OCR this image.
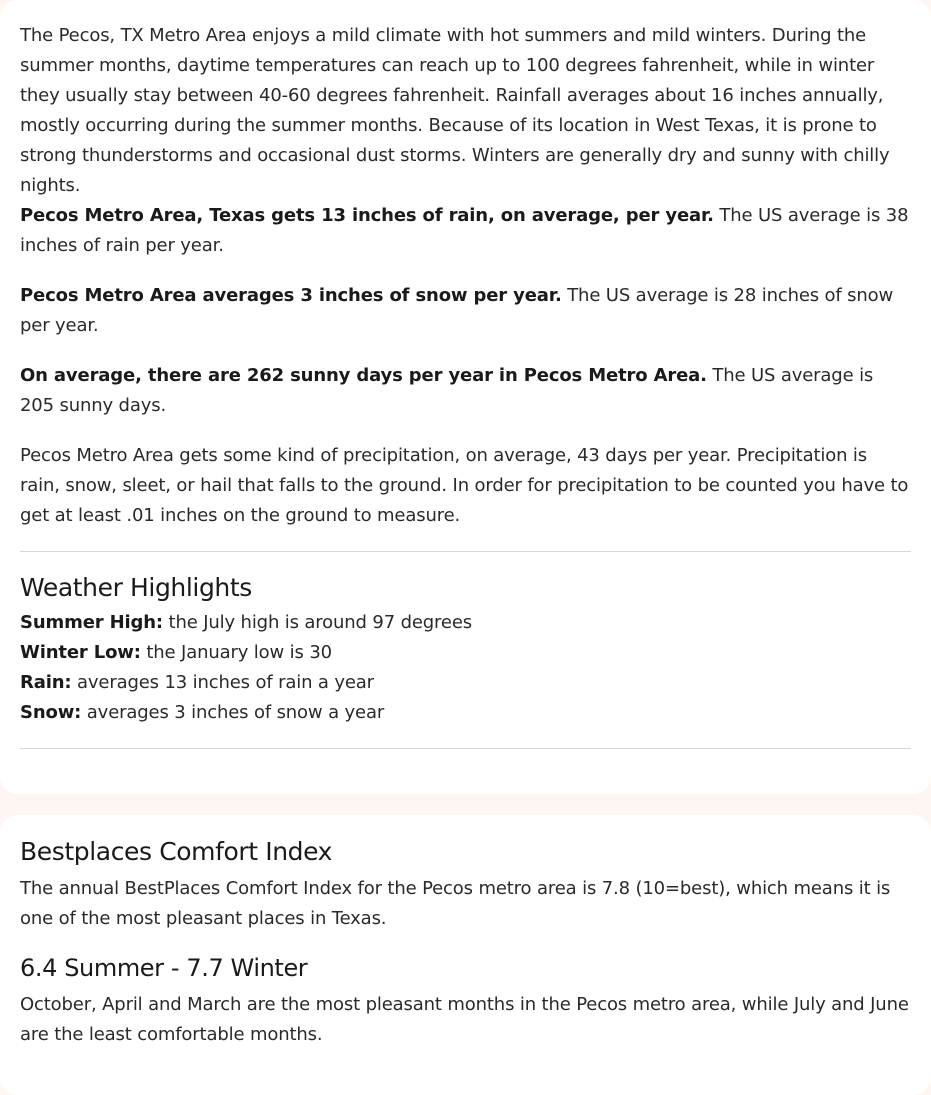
The Pecos, TX Metro Area enjoys a mild climate with hot summers and mild winters. During the summer months, daytime temperatures can reach up to 100 degrees fahrenheit, while in winter they usually stay between 40-60 degrees fahrenheit. Rainfall averages about 16 inches annually, mostly occurring during the summer months. Because of its location in West Texas, it is prone to strong thunderstorms and occasional dust storms. Winters are generally dry and sunny with chilly nights.

Pecos Metro Area, Texas gets 13 inches of rain, on average, per year. The US average is 38 inches of rain per year.

Pecos Metro Area averages 3 inches of snow per year. The US average is 28 inches of snow per year.

On average, there are 262 sunny days per year in Pecos Metro Area. The US average is 205 sunny days.

Pecos Metro Area gets some kind of precipitation, on average, 43 days per year. Precipitation is rain, snow, sleet, or hail that falls to the ground. In order for precipitation to be counted you have to get at least .01 inches on the ground to measure.

Weather Highlights
Summer High: the July high is around 97 degrees
Winter Low: the January low is 30
Rain: averages 13 inches of rain a year
Snow: averages 3 inches of snow a year
Bestplaces Comfort Index

The annual BestPlaces Comfort Index for the Pecos metro area is 7.8 (10=best), which means it is one of the most pleasant places in Texas.

6.4 Summer - 7.7 Winter

October, April and March are the most pleasant months in the Pecos metro area, while July and June are the least comfortable months.
